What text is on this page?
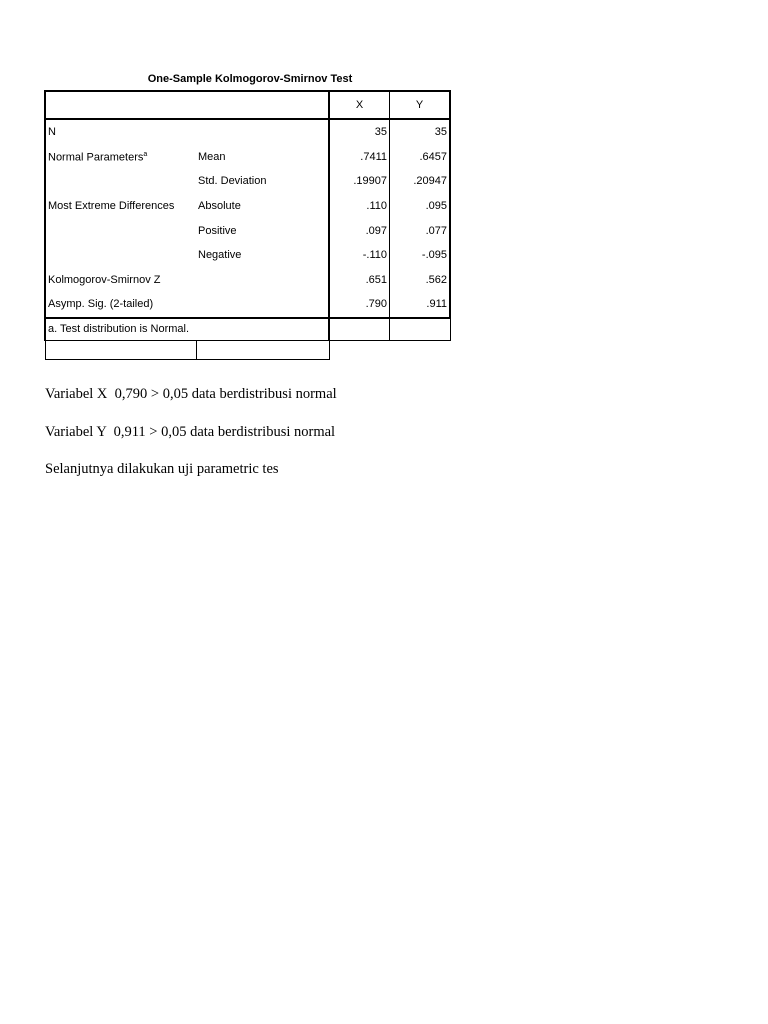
One-Sample Kolmogorov-Smirnov Test
		X	Y
N		35	35
Normal Parameters$^a$	Mean	.7411	.6457
	Std. Deviation	.19907	.20947
Most Extreme Differences	Absolute	.110	.095
	Positive	.097	.077
	Negative	-.110	-.095
Kolmogorov-Smirnov Z		.651	.562
Asymp. Sig. (2-tailed)		.790	.911
a. Test distribution is Normal.			

Variabel X  0,790 > 0,05 data berdistribusi normal
Variabel Y  0,911 > 0,05 data berdistribusi normal
Selanjutnya dilakukan uji parametric tes
